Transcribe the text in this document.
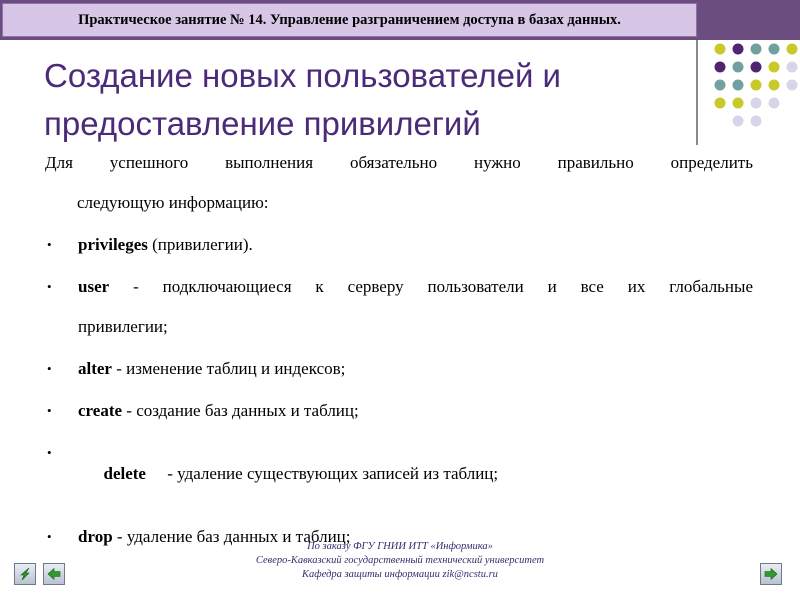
Практическое занятие № 14. Управление разграничением доступа в базах данных.
Создание новых пользователей и
предоставление привилегий

Для успешного выполнения обязательно нужно правильно определить

следующую информацию:
• privileges (привилегии).
• user - подключающиеся к серверу пользователи и все их глобальные
привилегии;
• alter - изменение таблиц и индексов;
• create - создание баз данных и таблиц;

•
delete     - удаление существующих записей из таблиц;

• drop - удаление баз данных и таблиц;
По заказу ФГУ ГНИИ ИТТ «Информика»
Северо-Кавказский государственный технический университет
Кафедра защиты информации zik@ncstu.ru
